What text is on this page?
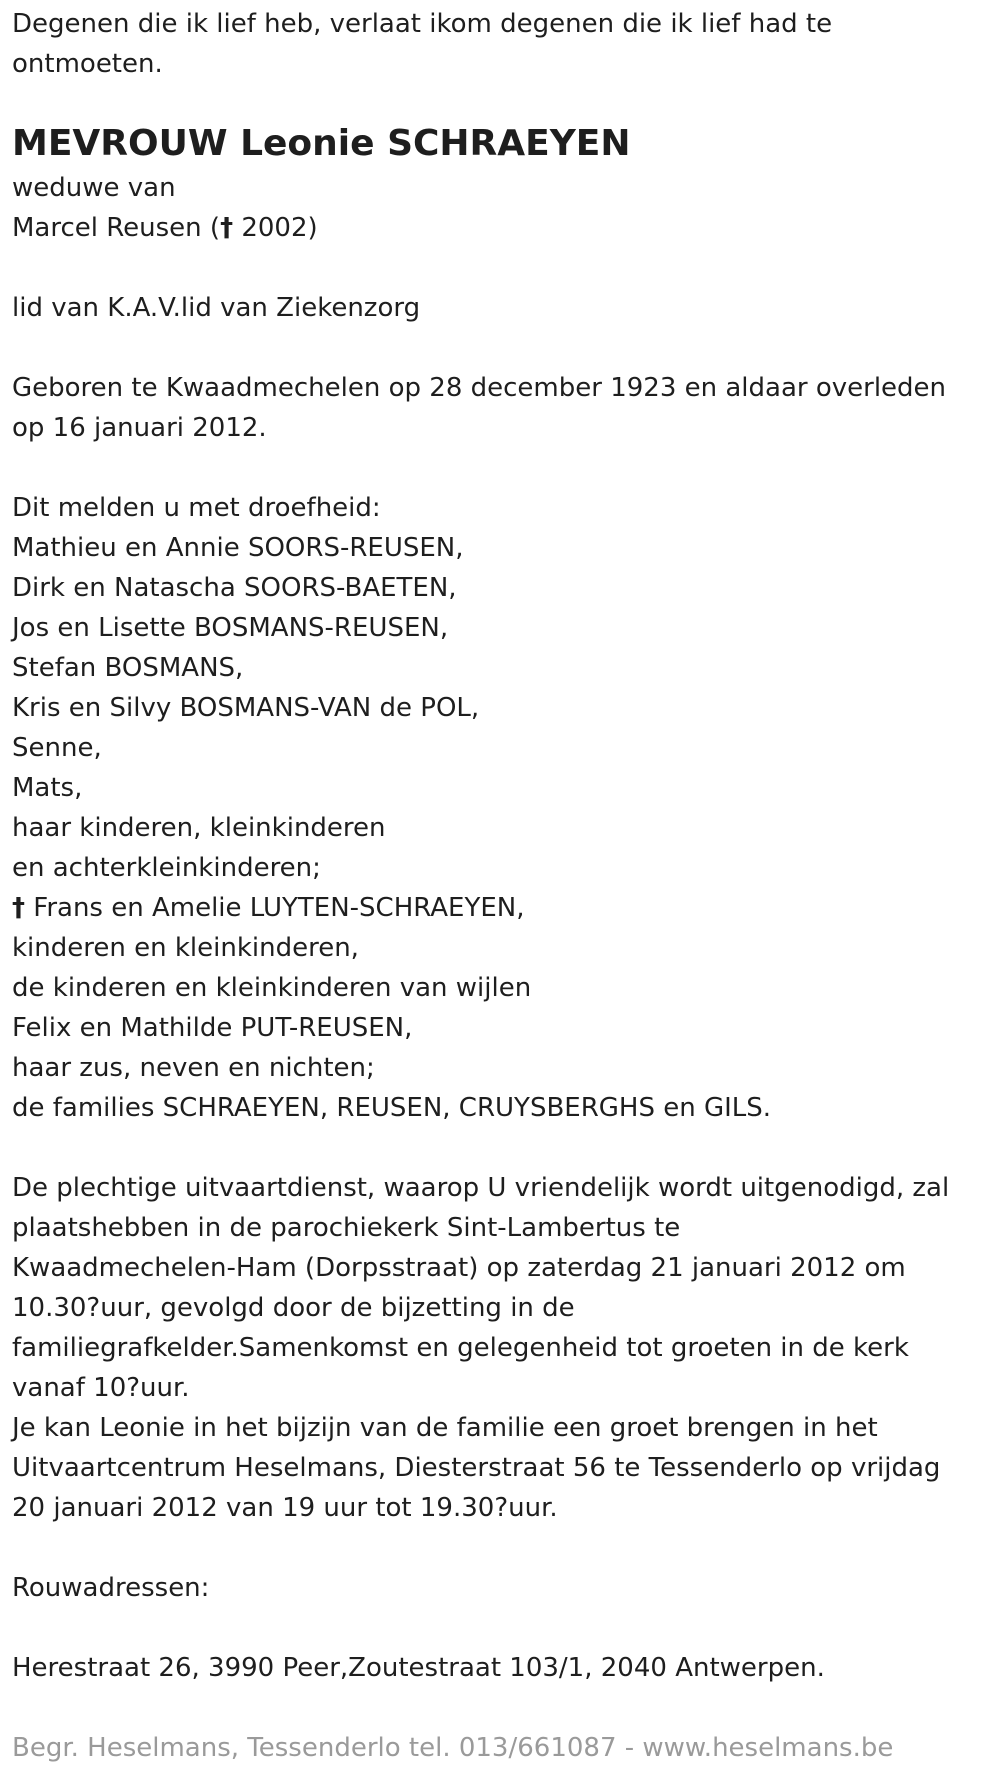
Degenen die ik lief heb, verlaat ikom degenen die ik lief had te
ontmoeten.
MEVROUW Leonie SCHRAEYEN
weduwe van
Marcel Reusen († 2002)
lid van K.A.V.lid van Ziekenzorg
Geboren te Kwaadmechelen op 28 december 1923 en aldaar overleden
op 16 januari 2012.
Dit melden u met droefheid:
Mathieu en Annie SOORS-REUSEN,
Dirk en Natascha SOORS-BAETEN,
Jos en Lisette BOSMANS-REUSEN,
Stefan BOSMANS,
Kris en Silvy BOSMANS-VAN de POL,
Senne,
Mats,
haar kinderen, kleinkinderen
en achterkleinkinderen;
† Frans en Amelie LUYTEN-SCHRAEYEN,
kinderen en kleinkinderen,
de kinderen en kleinkinderen van wijlen
Felix en Mathilde PUT-REUSEN,
haar zus, neven en nichten;
de families SCHRAEYEN, REUSEN, CRUYSBERGHS en GILS.
De plechtige uitvaartdienst, waarop U vriendelijk wordt uitgenodigd, zal
plaatshebben in de parochiekerk Sint-Lambertus te
Kwaadmechelen-Ham (Dorpsstraat) op zaterdag 21 januari 2012 om
10.30?uur, gevolgd door de bijzetting in de
familiegrafkelder.Samenkomst en gelegenheid tot groeten in de kerk
vanaf 10?uur.
Je kan Leonie in het bijzijn van de familie een groet brengen in het
Uitvaartcentrum Heselmans, Diesterstraat 56 te Tessenderlo op vrijdag
20 januari 2012 van 19 uur tot 19.30?uur.
Rouwadressen:
Herestraat 26, 3990 Peer,Zoutestraat 103/1, 2040 Antwerpen.
Begr. Heselmans, Tessenderlo tel. 013/661087 - www.heselmans.be
